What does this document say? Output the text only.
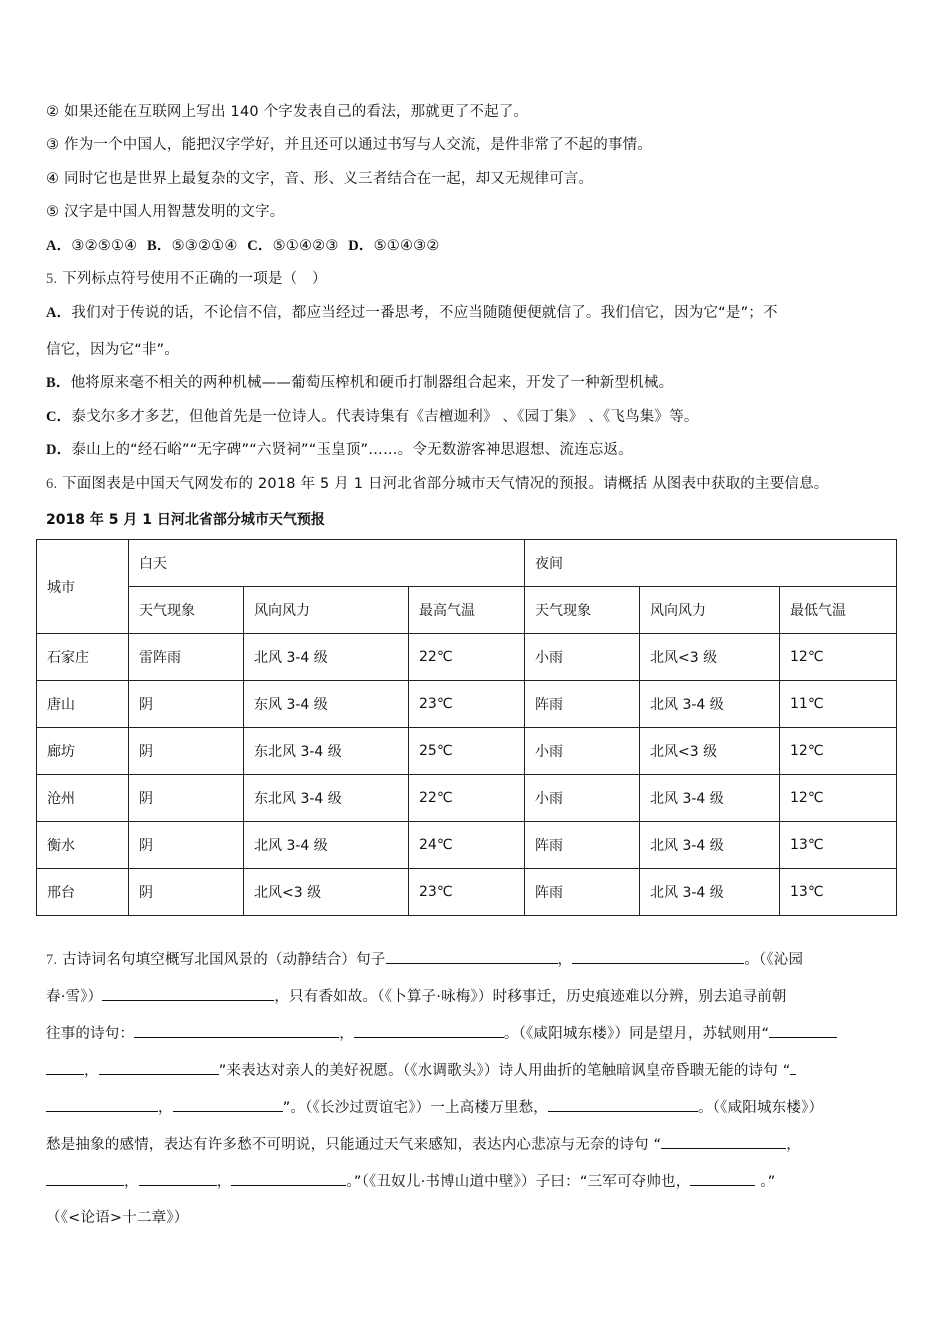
② 如果还能在互联网上写出 140 个字发表自己的看法，那就更了不起了。
③ 作为一个中国人，能把汉字学好，并且还可以通过书写与人交流，是件非常了不起的事情。
④ 同时它也是世界上最复杂的文字，音、形、义三者结合在一起，却又无规律可言。
⑤ 汉字是中国人用智慧发明的文字。
A．③②⑤①④ B．⑤③②①④ C．⑤①④②③ D．⑤①④③②
5. 下列标点符号使用不正确的一项是（　）
A．我们对于传说的话，不论信不信，都应当经过一番思考，不应当随随便便就信了。我们信它，因为它“是”；不
信它，因为它“非”。
B．他将原来毫不相关的两种机械——葡萄压榨机和硬币打制器组合起来，开发了一种新型机械。
C．泰戈尔多才多艺，但他首先是一位诗人。代表诗集有《吉檀迦利》 、《园丁集》 、《飞鸟集》等。
D．泰山上的“经石峪”“无字碑”“六贤祠”“玉皇顶”……。令无数游客神思遐想、流连忘返。
6. 下面图表是中国天气网发布的 2018 年 5 月 1 日河北省部分城市天气情况的预报。请概括 从图表中获取的主要信息。
2018 年 5 月 1 日河北省部分城市天气预报
城市	白天			夜间		
	天气现象	风向风力	最高气温	天气现象	风向风力	最低气温
石家庄	雷阵雨	北风 3-4 级	22℃	小雨	北风<3 级	12℃
唐山	阴	东风 3-4 级	23℃	阵雨	北风 3-4 级	11℃
廊坊	阴	东北风 3-4 级	25℃	小雨	北风<3 级	12℃
沧州	阴	东北风 3-4 级	22℃	小雨	北风 3-4 级	12℃
衡水	阴	北风 3-4 级	24℃	阵雨	北风 3-4 级	13℃
邢台	阴	北风<3 级	23℃	阵雨	北风 3-4 级	13℃
7. 古诗词名句填空概写北国风景的（动静结合）句子	，	。（《沁园
春·雪》）	，只有香如故。（《卜算子·咏梅》）时移事迁，历史痕迹难以分辨，别去追寻前朝
往事的诗句：	，	。（《咸阳城东楼》）同是望月，苏轼则用“
，	”来表达对亲人的美好祝愿。（《水调歌头》）诗人用曲折的笔触暗讽皇帝昏聩无能的诗句 “
，	”。（《长沙过贾谊宅》）一上高楼万里愁，	。（《咸阳城东楼》）
愁是抽象的感情，表达有许多愁不可明说，只能通过天气来感知，表达内心悲凉与无奈的诗句 “	，
，	，	。”（《丑奴儿·书博山道中壁》）子曰：“三军可夺帅也，	。”
（《<论语>十二章》）
